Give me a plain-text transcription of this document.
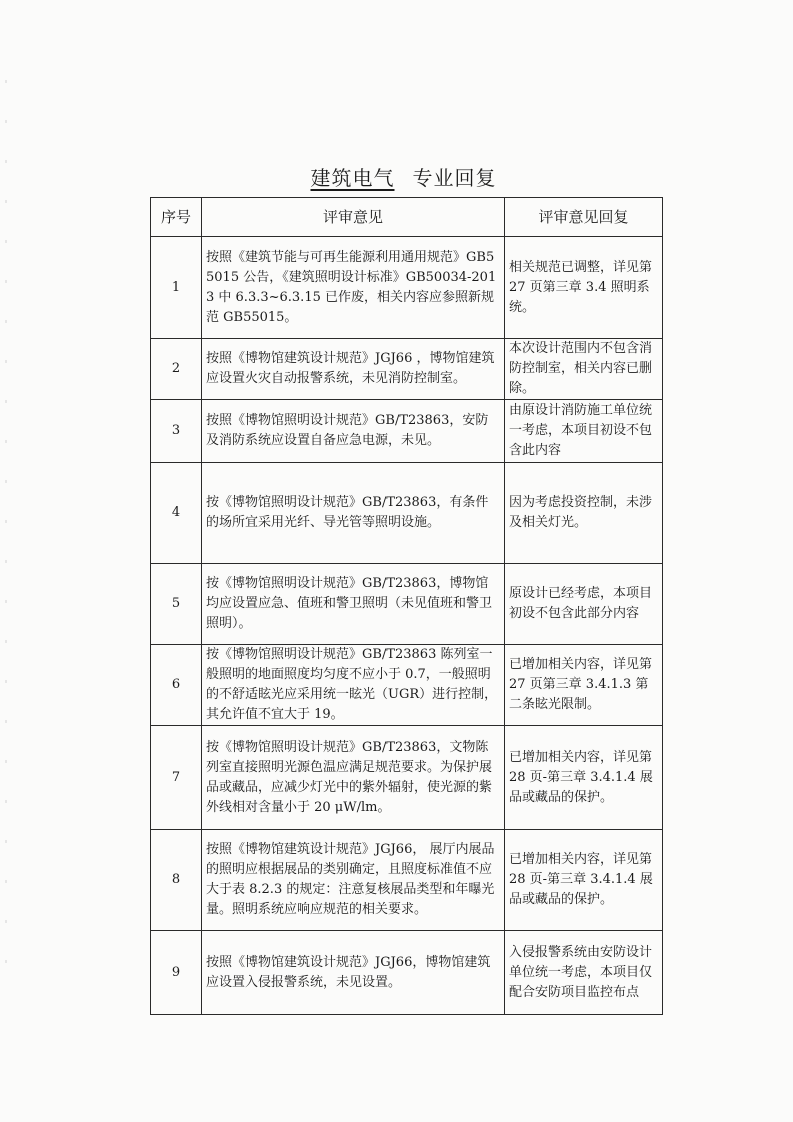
建筑电气 专业回复
序号	评审意见	评审意见回复
1	按照《建筑节能与可再生能源利用通用规范》GB55015 公告，《建筑照明设计标准》GB50034-2013 中 6.3.3~6.3.15 已作废，相关内容应参照新规范 GB55015。	相关规范已调整，详见第 27 页第三章 3.4 照明系统。
2	按照《博物馆建筑设计规范》JGJ66 ，博物馆建筑应设置火灾自动报警系统，未见消防控制室。	本次设计范围内不包含消防控制室，相关内容已删除。
3	按照《博物馆照明设计规范》GB/T23863，安防及消防系统应设置自备应急电源，未见。	由原设计消防施工单位统一考虑，本项目初设不包含此内容
4	按《博物馆照明设计规范》GB/T23863，有条件的场所宜采用光纤、导光管等照明设施。	因为考虑投资控制，未涉及相关灯光。
5	按《博物馆照明设计规范》GB/T23863，博物馆均应设置应急、值班和警卫照明（未见值班和警卫照明）。	原设计已经考虑，本项目初设不包含此部分内容
6	按《博物馆照明设计规范》GB/T23863 陈列室一般照明的地面照度均匀度不应小于 0.7，一般照明的不舒适眩光应采用统一眩光（UGR）进行控制，其允许值不宜大于 19。	已增加相关内容，详见第 27 页第三章 3.4.1.3 第二条眩光限制。
7	按《博物馆照明设计规范》GB/T23863，文物陈列室直接照明光源色温应满足规范要求。为保护展品或藏品，应减少灯光中的紫外辐射，使光源的紫外线相对含量小于 20 μW/lm。	已增加相关内容，详见第 28 页-第三章 3.4.1.4 展品或藏品的保护。
8	按照《博物馆建筑设计规范》JGJ66， 展厅内展品的照明应根据展品的类别确定，且照度标准值不应大于表 8.2.3 的规定：注意复核展品类型和年曝光量。照明系统应响应规范的相关要求。	已增加相关内容，详见第 28 页-第三章 3.4.1.4 展品或藏品的保护。
9	按照《博物馆建筑设计规范》JGJ66，博物馆建筑应设置入侵报警系统，未见设置。	入侵报警系统由安防设计单位统一考虑，本项目仅配合安防项目监控布点
